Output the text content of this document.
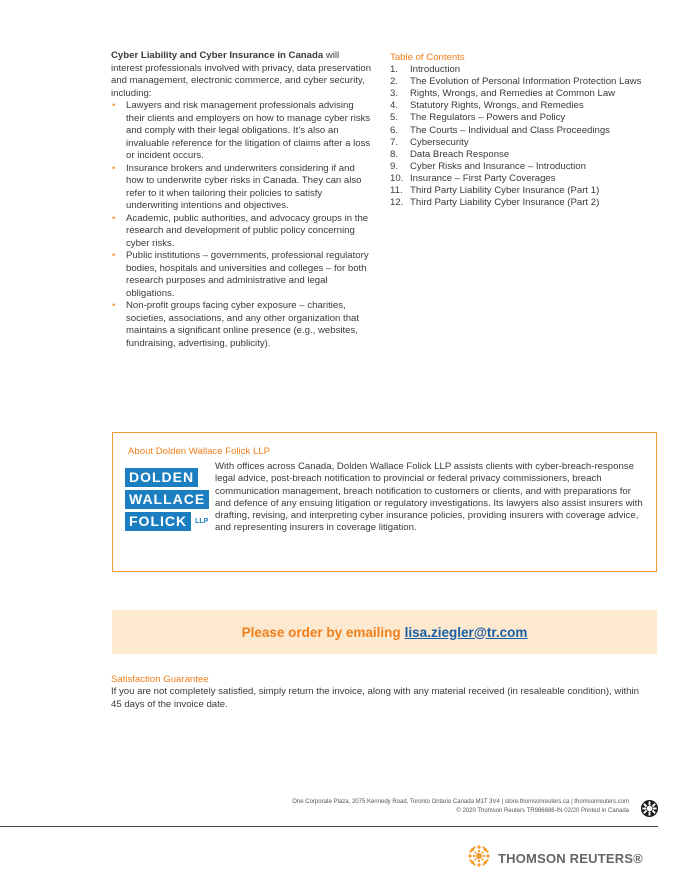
Cyber Liability and Cyber Insurance in Canada will interest professionals involved with privacy, data preservation and management, electronic commerce, and cyber security, including:
• Lawyers and risk management professionals advising their clients and employers on how to manage cyber risks and comply with their legal obligations. It’s also an invaluable reference for the litigation of claims after a loss or incident occurs.
• Insurance brokers and underwriters considering if and how to underwrite cyber risks in Canada. They can also refer to it when tailoring their policies to satisfy underwriting intentions and objectives.
• Academic, public authorities, and advocacy groups in the research and development of public policy concerning cyber risks.
• Public institutions – governments, professional regulatory bodies, hospitals and universities and colleges – for both research purposes and administrative and legal obligations.
• Non-profit groups facing cyber exposure – charities, societies, associations, and any other organization that maintains a significant online presence (e.g., websites, fundraising, advertising, publicity).
Table of Contents
1.	Introduction
2.	The Evolution of Personal Information Protection Laws
3.	Rights, Wrongs, and Remedies at Common Law
4.	Statutory Rights, Wrongs, and Remedies
5.	The Regulators – Powers and Policy
6.	The Courts – Individual and Class Proceedings
7.	Cybersecurity
8.	Data Breach Response
9.	Cyber Risks and Insurance – Introduction
10. Insurance – First Party Coverages
11. Third Party Liability Cyber Insurance (Part 1)
12. Third Party Liability Cyber Insurance (Part 2)
About Dolden Wallace Folick LLP
DOLDEN
WALLACE
FOLICK	LLP
With offices across Canada, Dolden Wallace Folick LLP assists clients with cyber-breach-response legal advice, post-breach notification to provincial or federal privacy commissioners, breach communication management, breach notification to customers or clients, and with preparations for and defence of any ensuing litigation or regulatory investigations. Its lawyers also assist insurers with drafting, revising, and interpreting cyber insurance policies, providing insurers with coverage advice, and representing insurers in coverage litigation.
Please order by emailing lisa.ziegler@tr.com
Satisfaction Guarantee
If you are not completely satisfied, simply return the invoice, along with any material received (in resaleable condition), within 45 days of the invoice date.
One Corporate Plaza, 2075 Kennedy Road, Toronto Ontario Canada M1T 3V4 | store.thomsonreuters.ca | thomsonreuters.com
© 2020 Thomson Reuters TR986686-IN 02/20 Printed in Canada
THOMSON REUTERS®
